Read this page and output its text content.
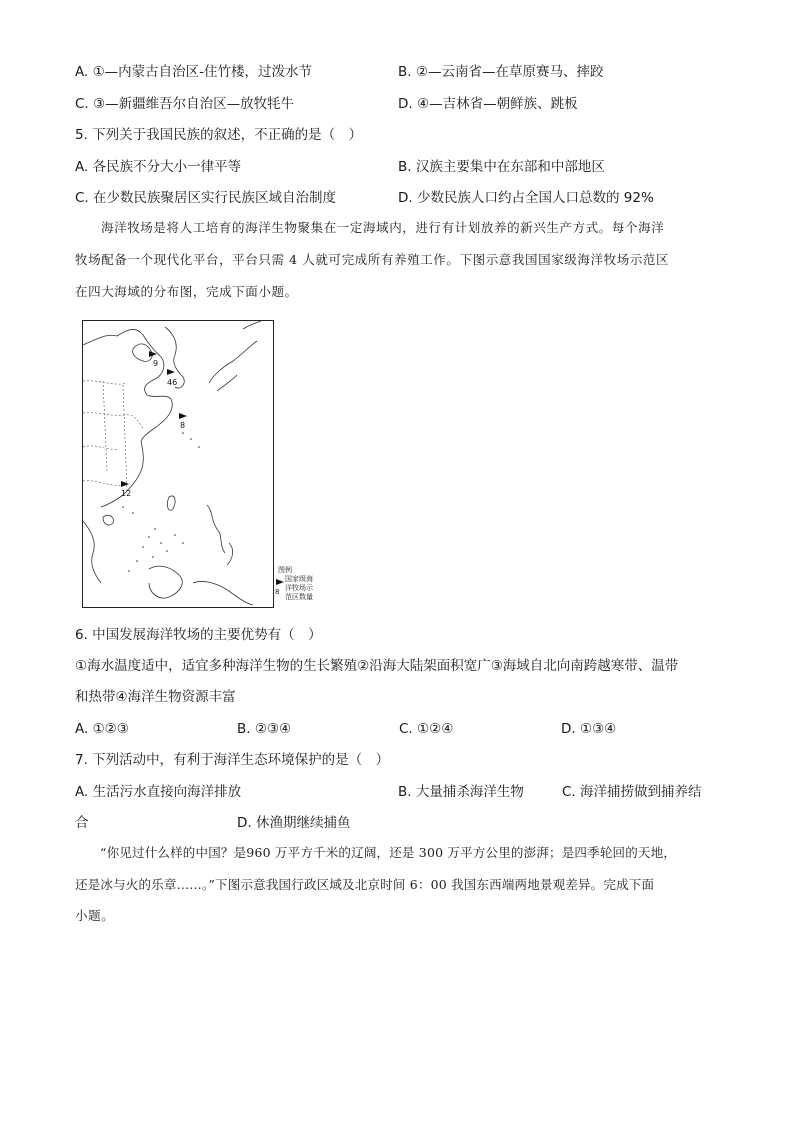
A. ①—内蒙古自治区-住竹楼，过泼水节	B. ②—云南省—在草原赛马、摔跤
C. ③—新疆维吾尔自治区—放牧牦牛	D. ④—吉林省—朝鲜族、跳板
5. 下列关于我国民族的叙述，不正确的是（　）
A. 各民族不分大小一律平等	B. 汉族主要集中在东部和中部地区
C. 在少数民族聚居区实行民族区域自治制度	D. 少数民族人口约占全国人口总数的 92%
海洋牧场是将人工培育的海洋生物聚集在一定海域内，进行有计划放养的新兴生产方式。每个海洋
牧场配备一个现代化平台，平台只需 4 人就可完成所有养殖工作。下图示意我国国家级海洋牧场示范区
在四大海域的分布图，完成下面小题。
9
46
8
12
图例
8
国家级海
洋牧场示
范区数量
6. 中国发展海洋牧场的主要优势有（　）
①海水温度适中，适宜多种海洋生物的生长繁殖②沿海大陆架面积宽广③海域自北向南跨越寒带、温带
和热带④海洋生物资源丰富
A. ①②③	B. ②③④	C. ①②④	D. ①③④
7. 下列活动中，有利于海洋生态环境保护的是（　）
A. 生活污水直接向海洋排放	B. 大量捕杀海洋生物	C. 海洋捕捞做到捕养结
合	D. 休渔期继续捕鱼
“你见过什么样的中国？是960 万平方千米的辽阔，还是 300 万平方公里的澎湃；是四季轮回的天地，
还是冰与火的乐章……。”下图示意我国行政区域及北京时间 6：00 我国东西端两地景观差异。完成下面
小题。
